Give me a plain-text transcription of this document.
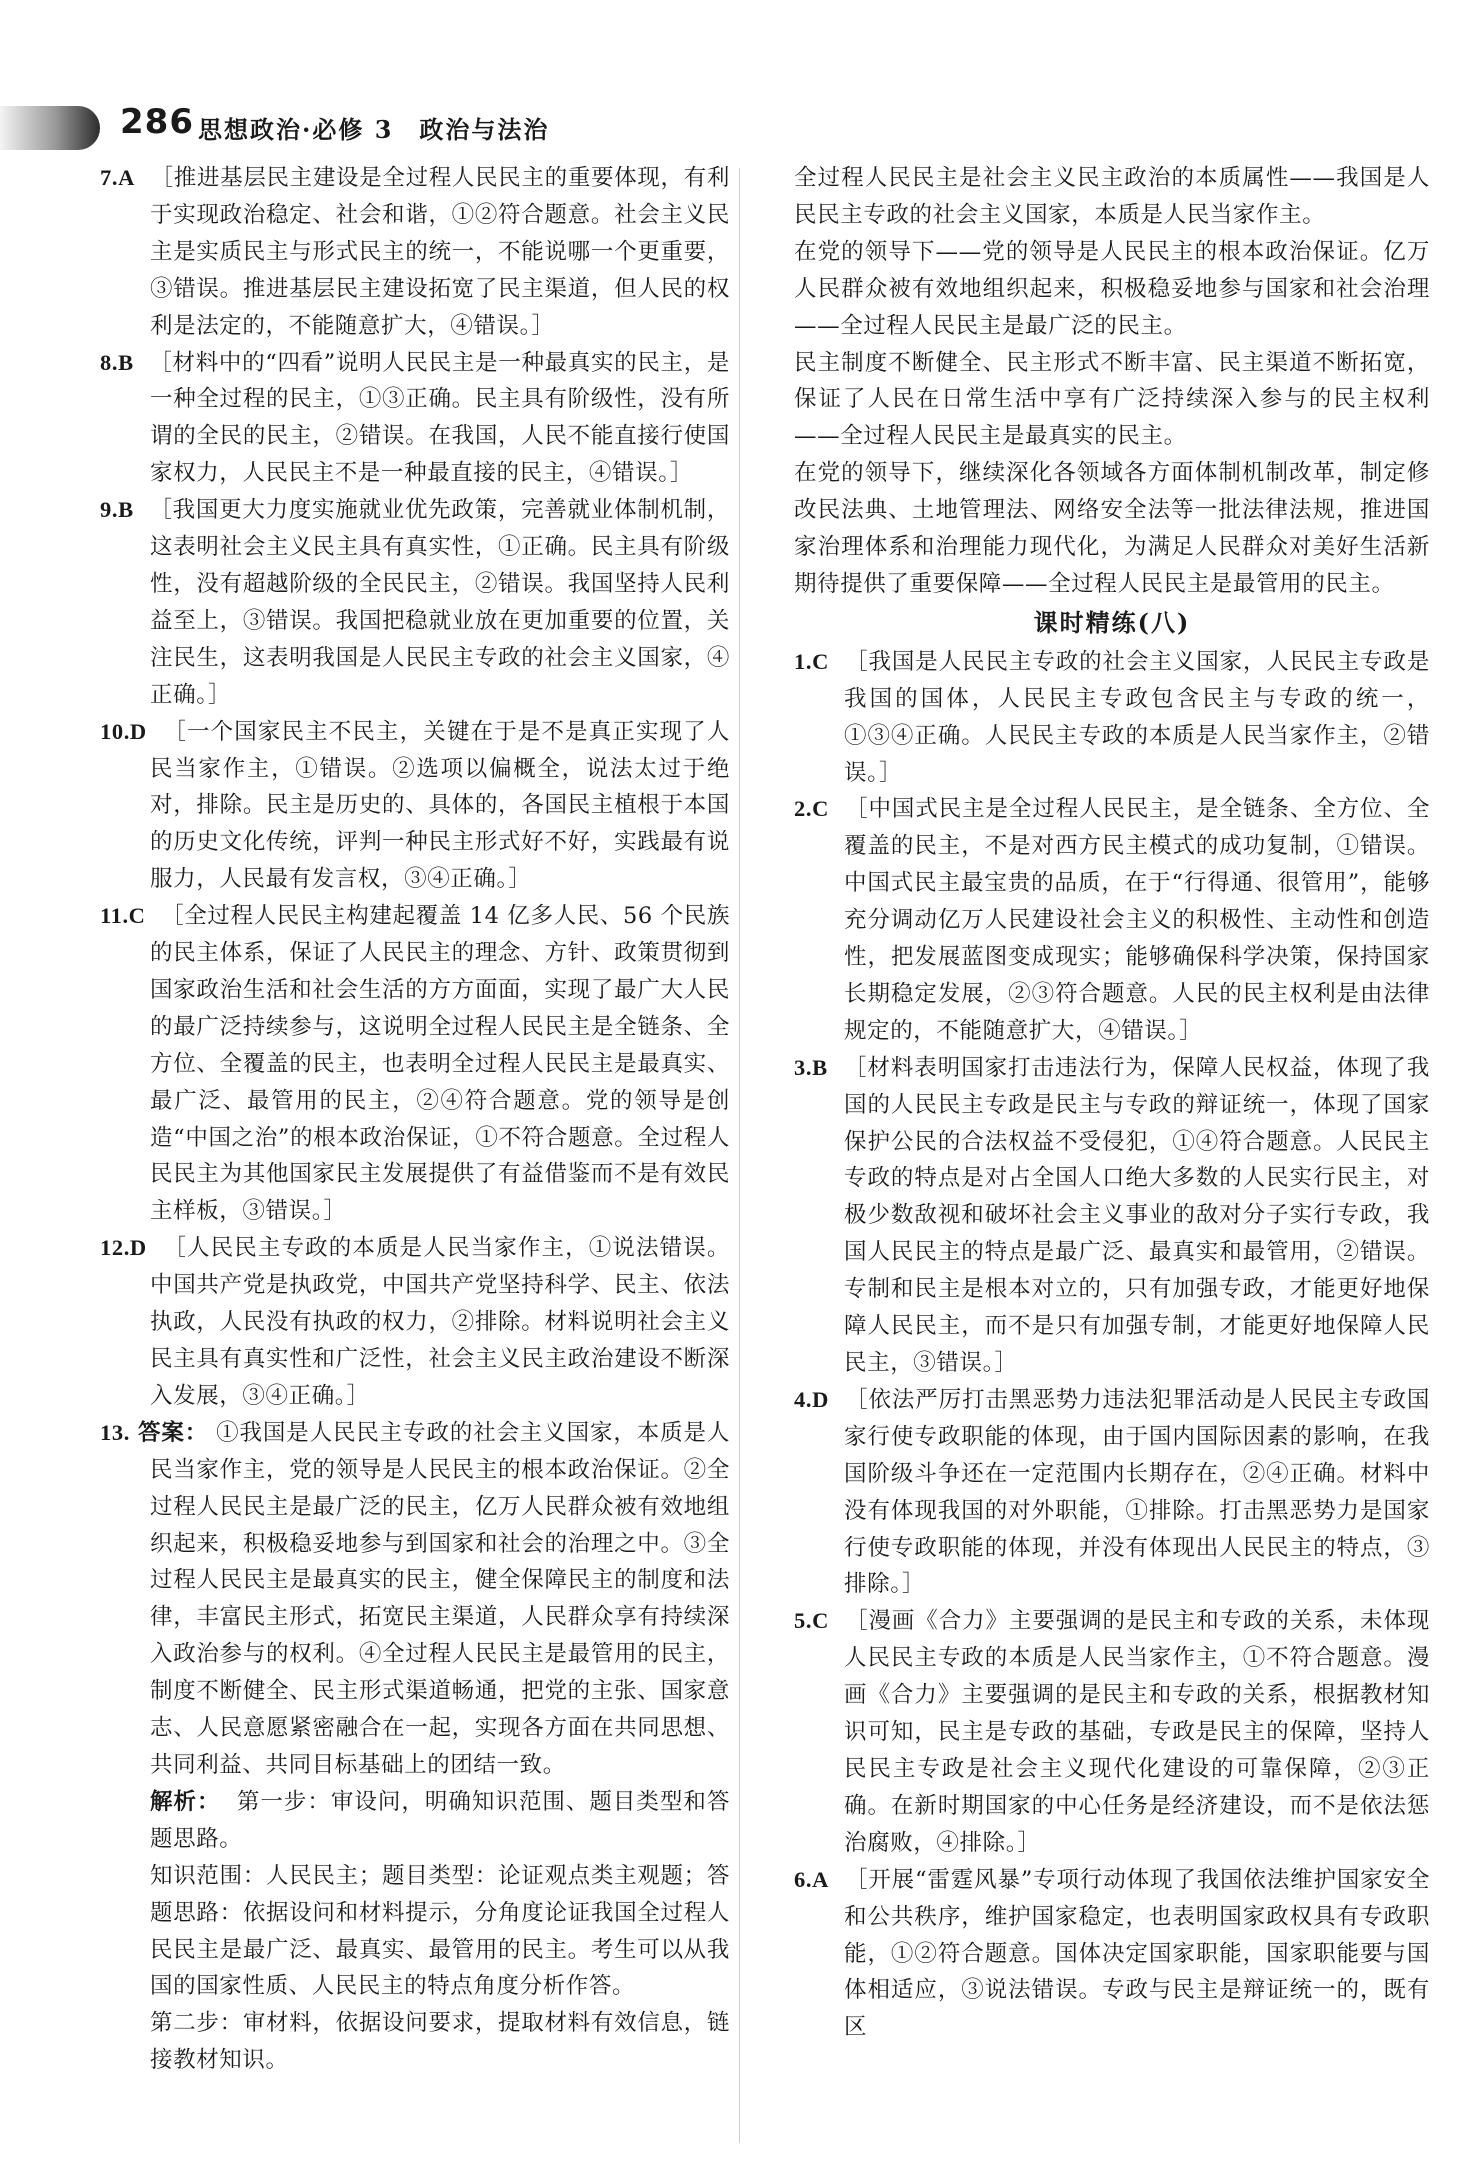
286 思想政治·必修 3　政治与法治
7.A ［推进基层民主建设是全过程人民民主的重要体现，有利于实现政治稳定、社会和谐，①②符合题意。社会主义民主是实质民主与形式民主的统一，不能说哪一个更重要，③错误。推进基层民主建设拓宽了民主渠道，但人民的权利是法定的，不能随意扩大，④错误。］
8.B ［材料中的“四看”说明人民民主是一种最真实的民主，是一种全过程的民主，①③正确。民主具有阶级性，没有所谓的全民的民主，②错误。在我国，人民不能直接行使国家权力，人民民主不是一种最直接的民主，④错误。］
9.B ［我国更大力度实施就业优先政策，完善就业体制机制，这表明社会主义民主具有真实性，①正确。民主具有阶级性，没有超越阶级的全民民主，②错误。我国坚持人民利益至上，③错误。我国把稳就业放在更加重要的位置，关注民生，这表明我国是人民民主专政的社会主义国家，④正确。］
10.D ［一个国家民主不民主，关键在于是不是真正实现了人民当家作主，①错误。②选项以偏概全，说法太过于绝对，排除。民主是历史的、具体的，各国民主植根于本国的历史文化传统，评判一种民主形式好不好，实践最有说服力，人民最有发言权，③④正确。］
11.C ［全过程人民民主构建起覆盖 14 亿多人民、56 个民族的民主体系，保证了人民民主的理念、方针、政策贯彻到国家政治生活和社会生活的方方面面，实现了最广大人民的最广泛持续参与，这说明全过程人民民主是全链条、全方位、全覆盖的民主，也表明全过程人民民主是最真实、最广泛、最管用的民主，②④符合题意。党的领导是创造“中国之治”的根本政治保证，①不符合题意。全过程人民民主为其他国家民主发展提供了有益借鉴而不是有效民主样板，③错误。］
12.D ［人民民主专政的本质是人民当家作主，①说法错误。中国共产党是执政党，中国共产党坚持科学、民主、依法执政，人民没有执政的权力，②排除。材料说明社会主义民主具有真实性和广泛性，社会主义民主政治建设不断深入发展，③④正确。］
13. 答案： ①我国是人民民主专政的社会主义国家，本质是人民当家作主，党的领导是人民民主的根本政治保证。②全过程人民民主是最广泛的民主，亿万人民群众被有效地组织起来，积极稳妥地参与到国家和社会的治理之中。③全过程人民民主是最真实的民主，健全保障民主的制度和法律，丰富民主形式，拓宽民主渠道，人民群众享有持续深入政治参与的权利。④全过程人民民主是最管用的民主，制度不断健全、民主形式渠道畅通，把党的主张、国家意志、人民意愿紧密融合在一起，实现各方面在共同思想、共同利益、共同目标基础上的团结一致。
解析： 第一步：审设问，明确知识范围、题目类型和答题思路。
知识范围：人民民主；题目类型：论证观点类主观题；答题思路：依据设问和材料提示，分角度论证我国全过程人民民主是最广泛、最真实、最管用的民主。考生可以从我国的国家性质、人民民主的特点角度分析作答。
第二步：审材料，依据设问要求，提取材料有效信息，链接教材知识。
全过程人民民主是社会主义民主政治的本质属性——我国是人民民主专政的社会主义国家，本质是人民当家作主。
在党的领导下——党的领导是人民民主的根本政治保证。亿万人民群众被有效地组织起来，积极稳妥地参与国家和社会治理——全过程人民民主是最广泛的民主。
民主制度不断健全、民主形式不断丰富、民主渠道不断拓宽，保证了人民在日常生活中享有广泛持续深入参与的民主权利——全过程人民民主是最真实的民主。
在党的领导下，继续深化各领域各方面体制机制改革，制定修改民法典、土地管理法、网络安全法等一批法律法规，推进国家治理体系和治理能力现代化，为满足人民群众对美好生活新期待提供了重要保障——全过程人民民主是最管用的民主。
课时精练(八)
1.C ［我国是人民民主专政的社会主义国家，人民民主专政是我国的国体，人民民主专政包含民主与专政的统一，①③④正确。人民民主专政的本质是人民当家作主，②错误。］
2.C ［中国式民主是全过程人民民主，是全链条、全方位、全覆盖的民主，不是对西方民主模式的成功复制，①错误。中国式民主最宝贵的品质，在于“行得通、很管用”，能够充分调动亿万人民建设社会主义的积极性、主动性和创造性，把发展蓝图变成现实；能够确保科学决策，保持国家长期稳定发展，②③符合题意。人民的民主权利是由法律规定的，不能随意扩大，④错误。］
3.B ［材料表明国家打击违法行为，保障人民权益，体现了我国的人民民主专政是民主与专政的辩证统一，体现了国家保护公民的合法权益不受侵犯，①④符合题意。人民民主专政的特点是对占全国人口绝大多数的人民实行民主，对极少数敌视和破坏社会主义事业的敌对分子实行专政，我国人民民主的特点是最广泛、最真实和最管用，②错误。专制和民主是根本对立的，只有加强专政，才能更好地保障人民民主，而不是只有加强专制，才能更好地保障人民民主，③错误。］
4.D ［依法严厉打击黑恶势力违法犯罪活动是人民民主专政国家行使专政职能的体现，由于国内国际因素的影响，在我国阶级斗争还在一定范围内长期存在，②④正确。材料中没有体现我国的对外职能，①排除。打击黑恶势力是国家行使专政职能的体现，并没有体现出人民民主的特点，③排除。］
5.C ［漫画《合力》主要强调的是民主和专政的关系，未体现人民民主专政的本质是人民当家作主，①不符合题意。漫画《合力》主要强调的是民主和专政的关系，根据教材知识可知，民主是专政的基础，专政是民主的保障，坚持人民民主专政是社会主义现代化建设的可靠保障，②③正确。在新时期国家的中心任务是经济建设，而不是依法惩治腐败，④排除。］
6.A ［开展“雷霆风暴”专项行动体现了我国依法维护国家安全和公共秩序，维护国家稳定，也表明国家政权具有专政职能，①②符合题意。国体决定国家职能，国家职能要与国体相适应，③说法错误。专政与民主是辩证统一的，既有区
